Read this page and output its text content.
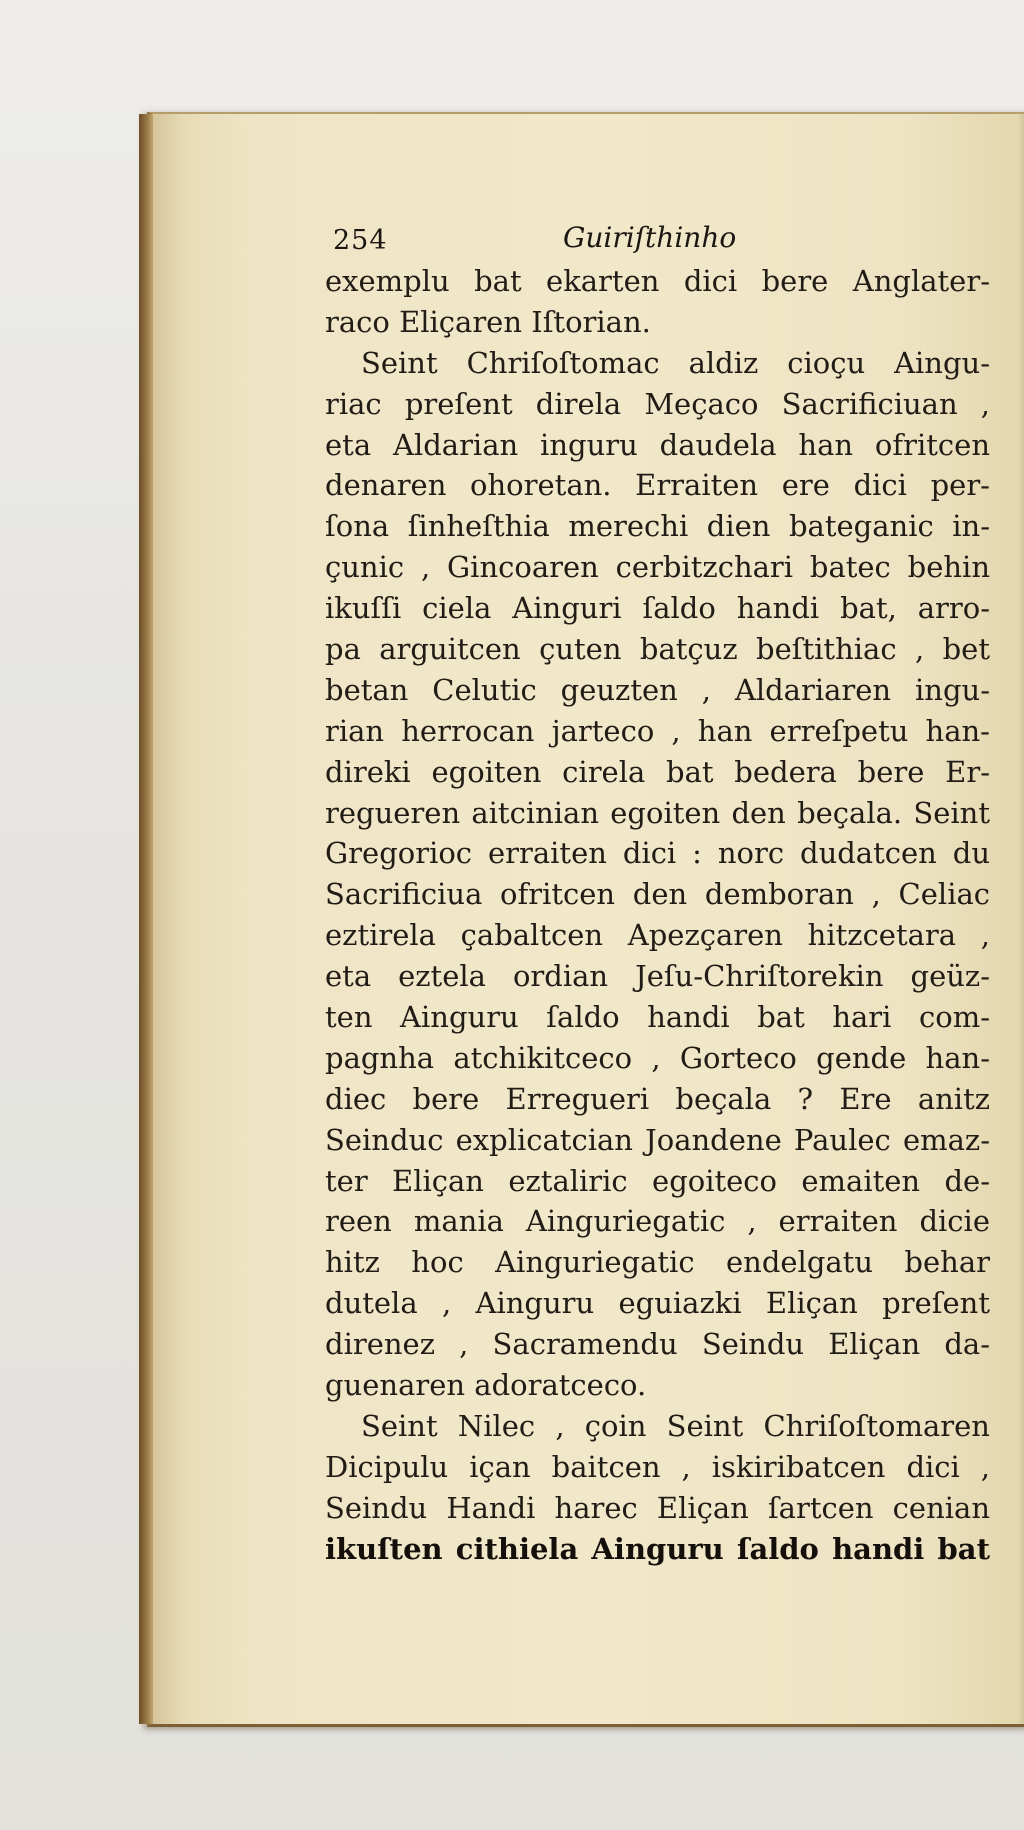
254	Guiriſthinho
exemplu bat ekarten dici bere Anglater-
raco Eliçaren Iſtorian.
Seint Chriſoſtomac aldiz cioçu Aingu-
riac preſent direla Meçaco Sacrificiuan ,
eta Aldarian inguru daudela han ofritcen
denaren ohoretan. Erraiten ere dici per-
ſona ſinheſthia merechi dien bateganic in-
çunic , Gincoaren cerbitzchari batec behin
ikuſſi ciela Ainguri ſaldo handi bat, arro-
pa arguitcen çuten batçuz beſtithiac , bet
betan Celutic geuzten , Aldariaren ingu-
rian herrocan jarteco , han erreſpetu han-
direki egoiten cirela bat bedera bere Er-
regueren aitcinian egoiten den beçala. Seint
Gregorioc erraiten dici : norc dudatcen du
Sacrificiua ofritcen den demboran , Celiac
eztirela çabaltcen Apezçaren hitzcetara ,
eta eztela ordian Jeſu-Chriſtorekin geüz-
ten Ainguru ſaldo handi bat hari com-
pagnha atchikitceco , Gorteco gende han-
diec bere Erregueri beçala ? Ere anitz
Seinduc explicatcian Joandene Paulec emaz-
ter Eliçan eztaliric egoiteco emaiten de-
reen mania Ainguriegatic , erraiten dicie
hitz hoc Ainguriegatic endelgatu behar
dutela , Ainguru eguiazki Eliçan preſent
direnez , Sacramendu Seindu Eliçan da-
guenaren adoratceco.
Seint Nilec , çoin Seint Chriſoſtomaren
Dicipulu içan baitcen , iskiribatcen dici ,
Seindu Handi harec Eliçan ſartcen cenian
ikuſten cithiela Ainguru ſaldo handi bat
